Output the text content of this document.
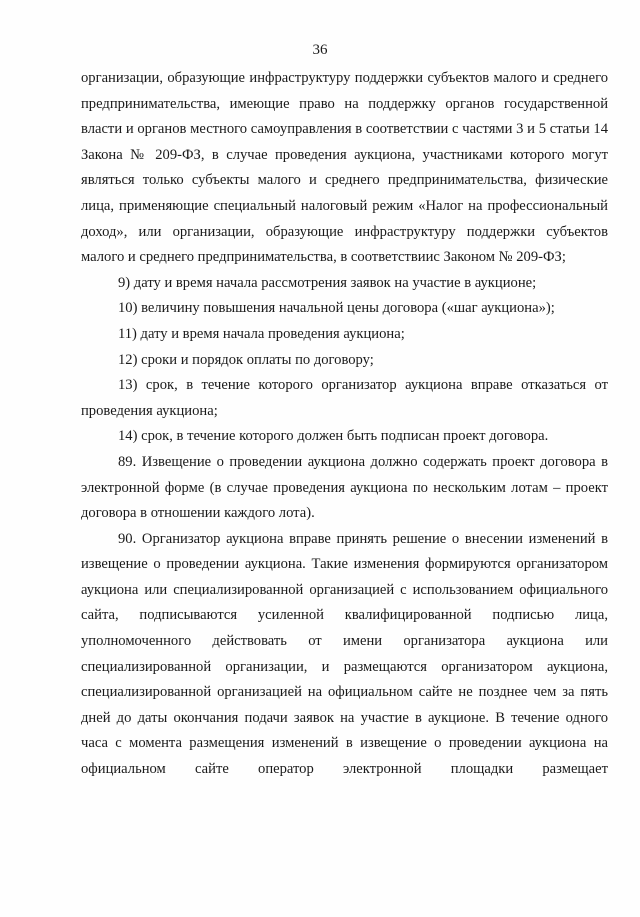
36

организации, образующие инфраструктуру поддержки субъектов малого и среднего предпринимательства, имеющие право на поддержку органов государственной власти и органов местного самоуправления в соответствии с частями 3 и 5 статьи 14 Закона № 209-ФЗ, в случае проведения аукциона, участниками которого могут являться только субъекты малого и среднего предпринимательства, физические лица, применяющие специальный налоговый режим «Налог на профессиональный доход», или организации, образующие инфраструктуру поддержки субъектов малого и среднего предпринимательства, в соответствиис Законом № 209-ФЗ;

9) дату и время начала рассмотрения заявок на участие в аукционе;

10) величину повышения начальной цены договора («шаг аукциона»);

11) дату и время начала проведения аукциона;

12) сроки и порядок оплаты по договору;

13) срок, в течение которого организатор аукциона вправе отказаться от проведения аукциона;

14) срок, в течение которого должен быть подписан проект договора.

89. Извещение о проведении аукциона должно содержать проект договора в электронной форме (в случае проведения аукциона по нескольким лотам – проект договора в отношении каждого лота).

90. Организатор аукциона вправе принять решение о внесении изменений в извещение о проведении аукциона. Такие изменения формируются организатором аукциона или специализированной организацией с использованием официального сайта, подписываются усиленной квалифицированной подписью лица, уполномоченного действовать от имени организатора аукциона или специализированной организации, и размещаются организатором аукциона, специализированной организацией на официальном сайте не позднее чем за пять дней до даты окончания подачи заявок на участие в аукционе. В течение одного часа с момента размещения изменений в извещение о проведении аукциона на официальном сайте оператор электронной площадки размещает
